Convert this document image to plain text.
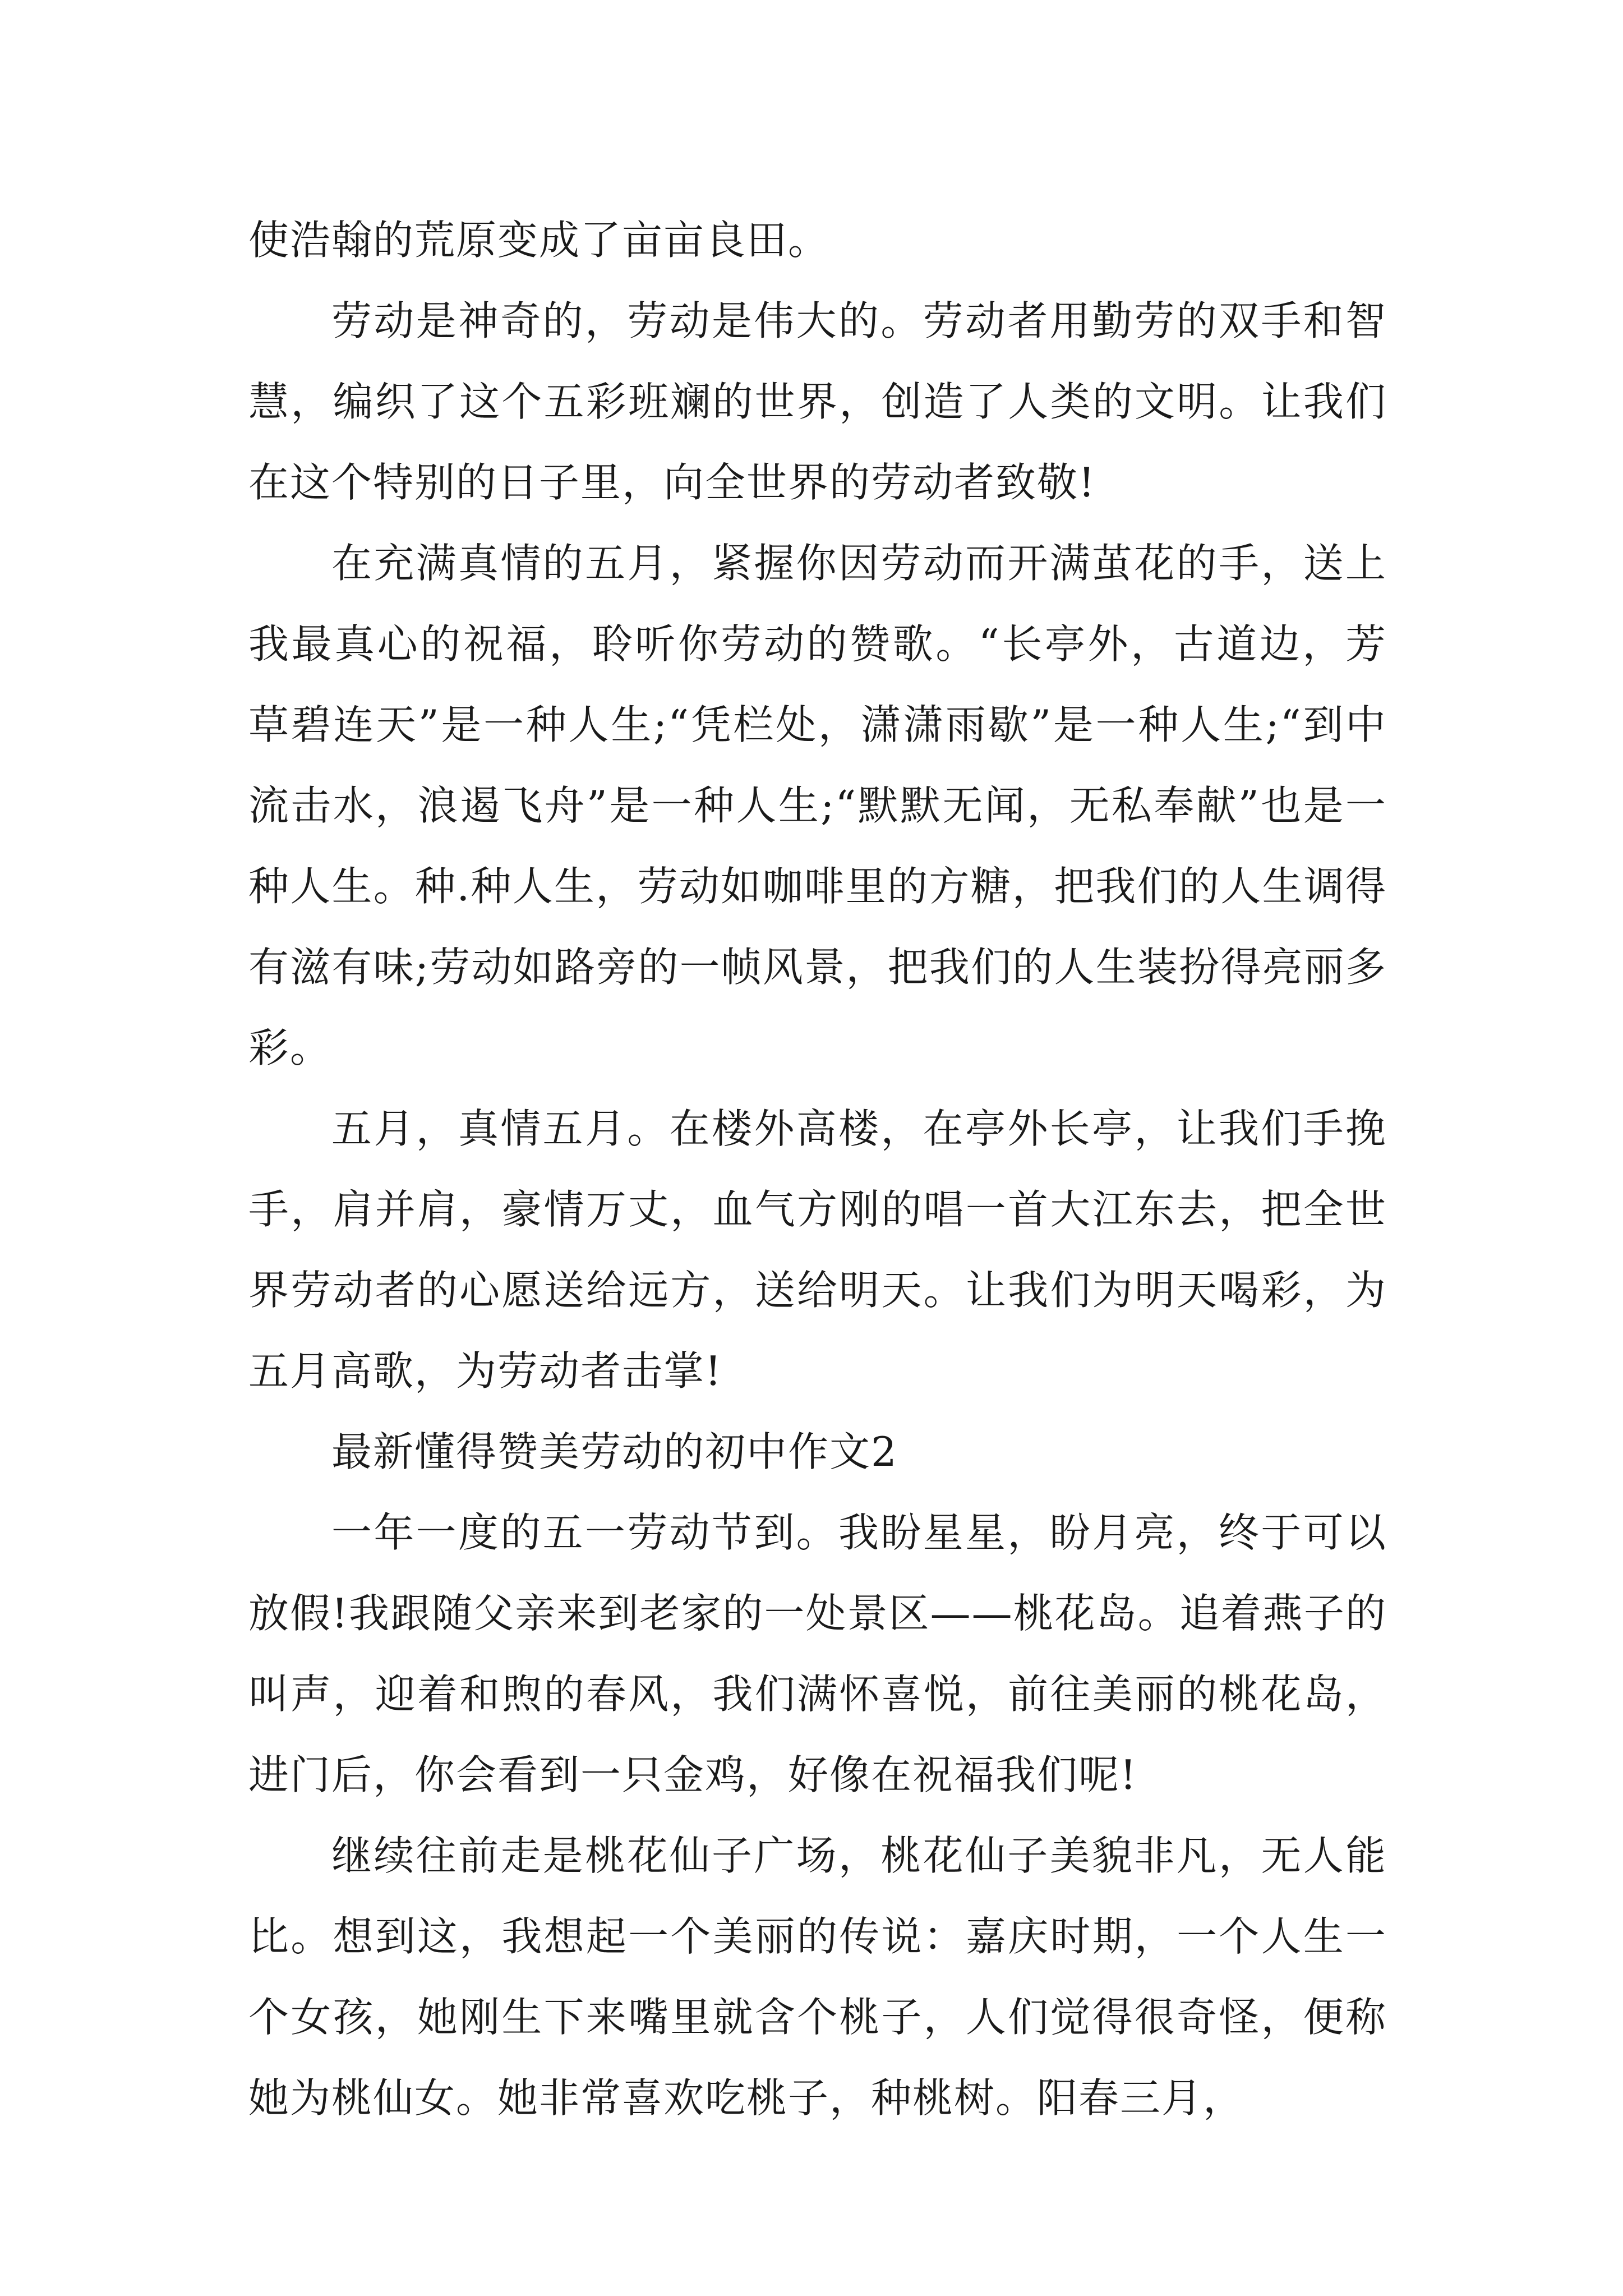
使浩翰的荒原变成了亩亩良田。

劳动是神奇的，劳动是伟大的。劳动者用勤劳的双手和智慧，编织了这个五彩班斓的世界，创造了人类的文明。让我们在这个特别的日子里，向全世界的劳动者致敬!

在充满真情的五月，紧握你因劳动而开满茧花的手，送上我最真心的祝福，聆听你劳动的赞歌。“长亭外，古道边，芳草碧连天”是一种人生;“凭栏处，潇潇雨歇”是一种人生;“到中流击水，浪遏飞舟”是一种人生;“默默无闻，无私奉献”也是一种人生。种.种人生，劳动如咖啡里的方糖，把我们的人生调得有滋有味;劳动如路旁的一帧风景，把我们的人生装扮得亮丽多彩。

五月，真情五月。在楼外高楼，在亭外长亭，让我们手挽手，肩并肩，豪情万丈，血气方刚的唱一首大江东去，把全世界劳动者的心愿送给远方，送给明天。让我们为明天喝彩，为五月高歌，为劳动者击掌!

最新懂得赞美劳动的初中作文2

一年一度的五一劳动节到。我盼星星，盼月亮，终于可以放假!我跟随父亲来到老家的一处景区——桃花岛。追着燕子的叫声，迎着和煦的春风，我们满怀喜悦，前往美丽的桃花岛，进门后，你会看到一只金鸡，好像在祝福我们呢!

继续往前走是桃花仙子广场，桃花仙子美貌非凡，无人能比。想到这，我想起一个美丽的传说：嘉庆时期，一个人生一个女孩，她刚生下来嘴里就含个桃子，人们觉得很奇怪，便称她为桃仙女。她非常喜欢吃桃子，种桃树。阳春三月，
